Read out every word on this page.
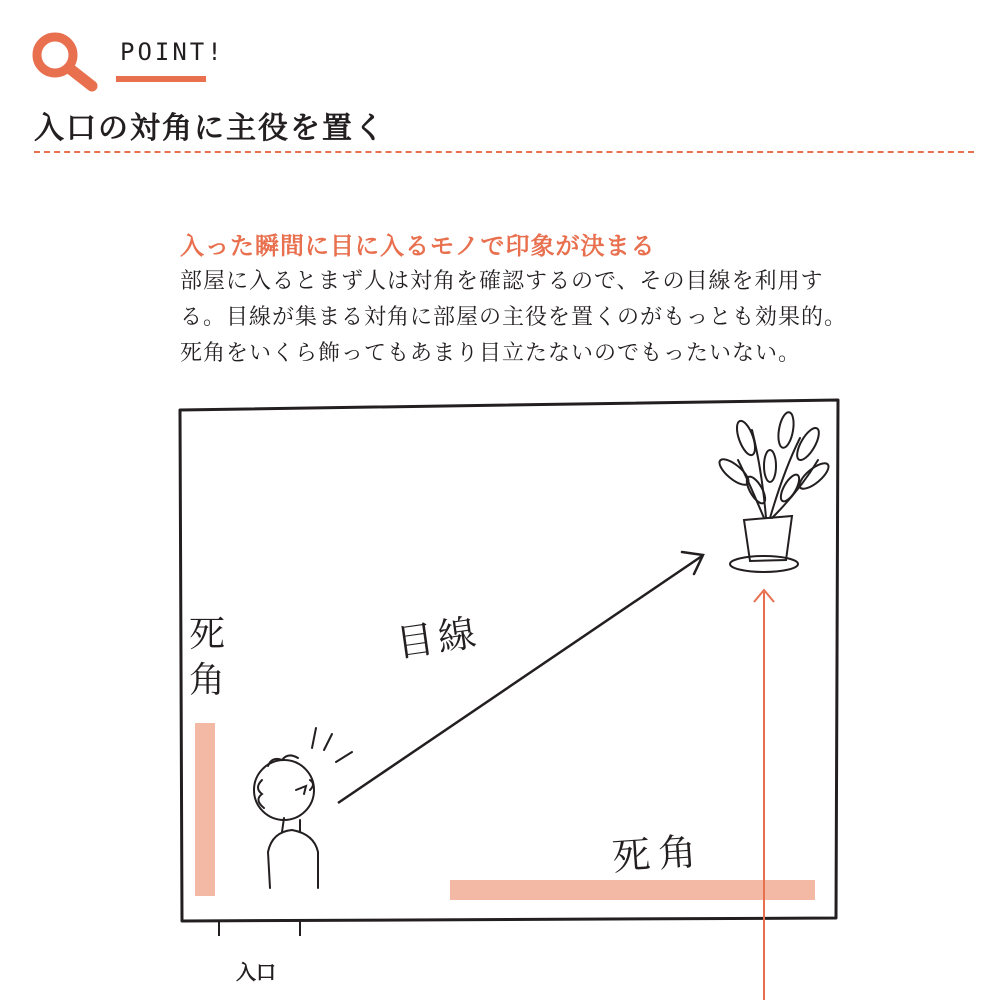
POINT!
入口の対角に主役を置く
入った瞬間に目に入るモノで印象が決まる
部屋に入るとまず人は対角を確認するので、その目線を利用す
る。目線が集まる対角に部屋の主役を置くのがもっとも効果的。
死角をいくら飾ってもあまり目立たないのでもったいない。
死
角
目線
死角
入口
